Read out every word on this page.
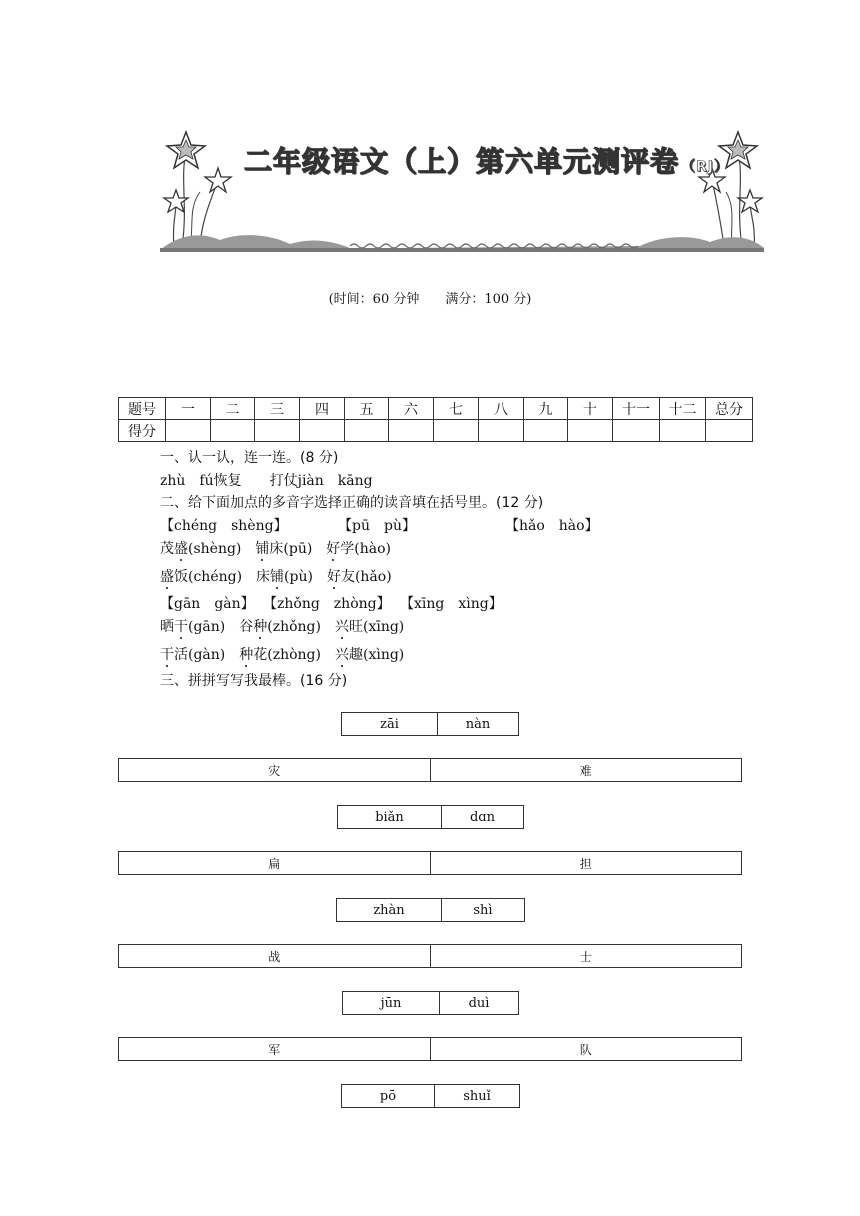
二年级语文（上）第六单元测评卷 （RJ）
(时间：60 分钟　　满分：100 分)
题号	一	二	三	四	五	六	七	八	九	十	十一	十二	总分
得分													
一、认一认，连一连。(8 分)
zhù　fú恢复　　打仗jiàn　kāng
二、给下面加点的多音字选择正确的读音填在括号里。(12 分)
【chéng　shèng】	【pū　pù】	【hǎo　hào】
茂盛(shèng) 铺床(pū) 好学(hào)
盛饭(chéng) 床铺(pù) 好友(hǎo)
【gān　gàn】 【zhǒng　zhòng】 【xīng　xìng】
晒干(gān) 谷种(zhǒng) 兴旺(xīng)
干活(gàn) 种花(zhòng) 兴趣(xìng)
三、拼拼写写我最棒。(16 分)
zāi	nàn
灾	难
biǎn	dɑn
扁	担
zhàn	shì
战	士
jūn	duì
军	队
pō	shuǐ
